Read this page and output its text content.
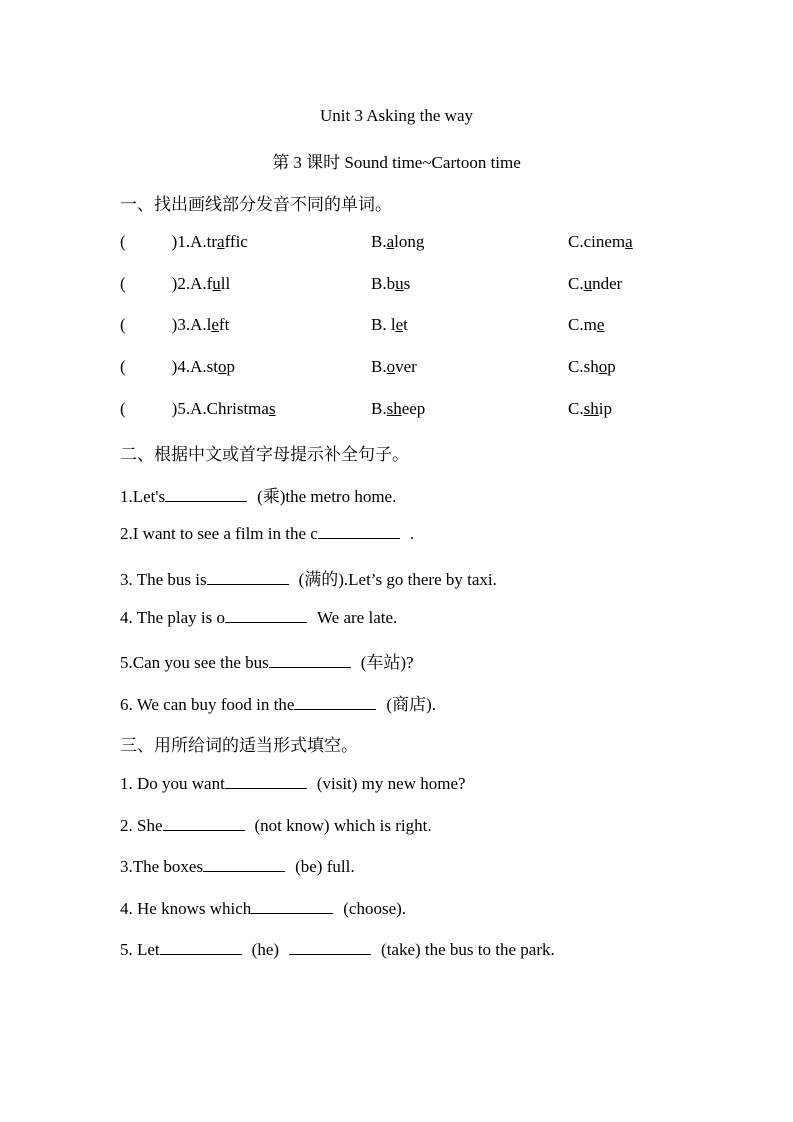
Unit 3 Asking the way
第 3 课时 Sound time~Cartoon time
一、找出画线部分发音不同的单词。
(	)1.A.traffic	B.along	C.cinema
(	)2.A.full	B.bus	C.under
(	)3.A.left	B. let	C.me
(	)4.A.stop	B.over	C.shop
(	)5.A.Christmas	B.sheep	C.ship
二、根据中文或首字母提示补全句子。
1.Let's	(乘)the metro home.
2.I want to see a film in the c	.
3. The bus is	(满的).Let’s go there by taxi.
4. The play is o	We are late.
5.Can you see the bus	(车站)?
6. We can buy food in the	(商店).
三、用所给词的适当形式填空。
1. Do you want	(visit) my new home?
2. She	(not know) which is right.
3.The boxes	(be) full.
4. He knows which	(choose).
5. Let	(he)	(take) the bus to the park.
